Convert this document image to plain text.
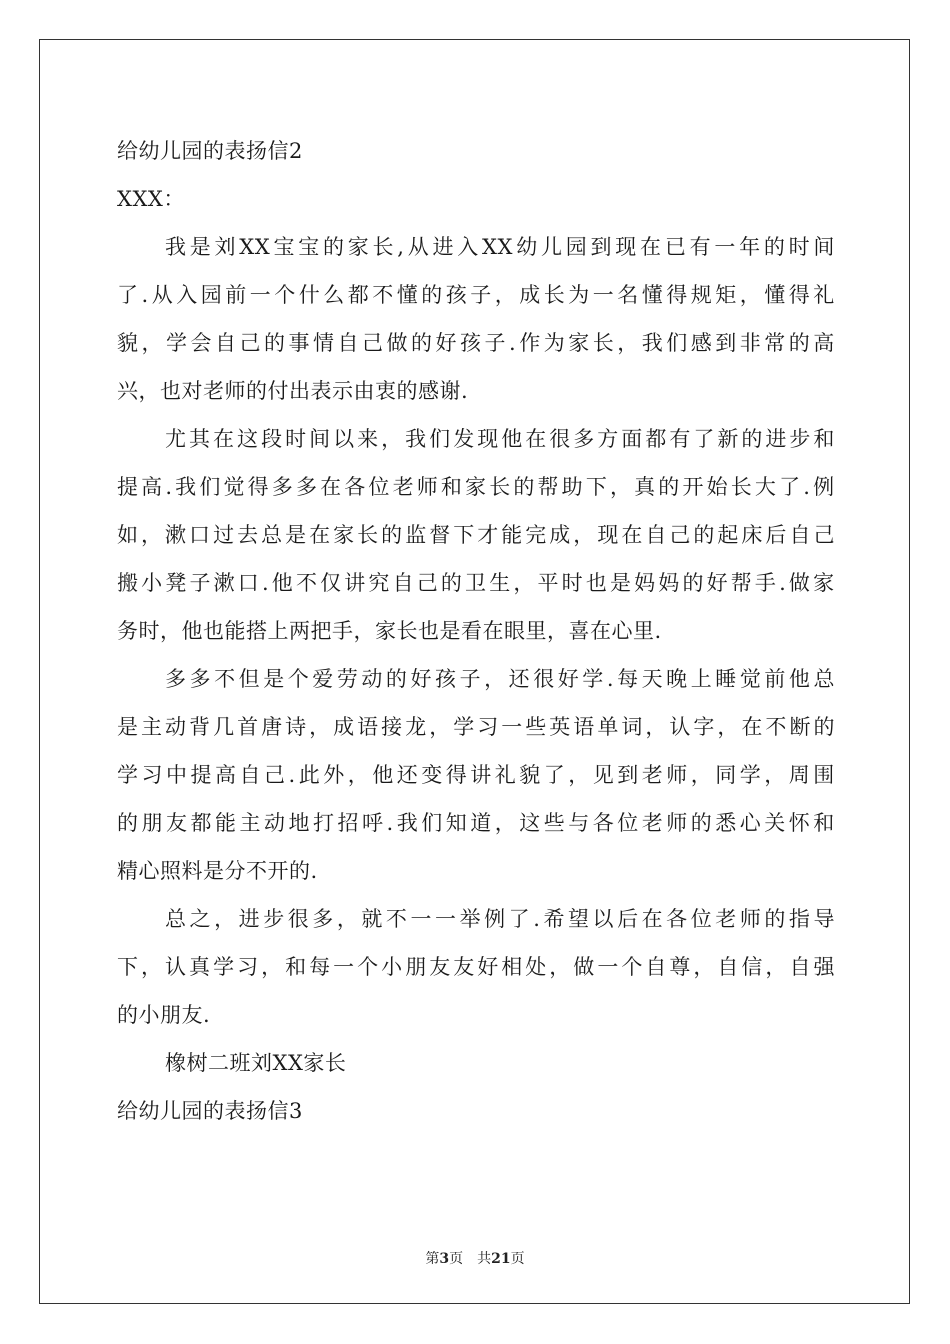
给幼儿园的表扬信2
XXX：
我 是 刘 XX 宝 宝 的 家 长 , 从 进 入 XX 幼 儿 园 到 现 在 已 有 一 年 的 时 间
了 . 从 入 园 前 一 个 什 么 都 不 懂 的 孩 子 ， 成 长 为 一 名 懂 得 规 矩 ， 懂 得 礼
貌 ， 学 会 自 己 的 事 情 自 己 做 的 好 孩 子 . 作 为 家 长 ， 我 们 感 到 非 常 的 高
兴，也对老师的付出表示由衷的感谢.
尤 其 在 这 段 时 间 以 来 ， 我 们 发 现 他 在 很 多 方 面 都 有 了 新 的 进 步 和
提 高 . 我 们 觉 得 多 多 在 各 位 老 师 和 家 长 的 帮 助 下 ， 真 的 开 始 长 大 了 . 例
如 ， 漱 口 过 去 总 是 在 家 长 的 监 督 下 才 能 完 成 ， 现 在 自 己 的 起 床 后 自 己
搬 小 凳 子 漱 口 . 他 不 仅 讲 究 自 己 的 卫 生 ， 平 时 也 是 妈 妈 的 好 帮 手 . 做 家
务时，他也能搭上两把手，家长也是看在眼里，喜在心里.
多 多 不 但 是 个 爱 劳 动 的 好 孩 子 ， 还 很 好 学 . 每 天 晚 上 睡 觉 前 他 总
是 主 动 背 几 首 唐 诗 ， 成 语 接 龙 ， 学 习 一 些 英 语 单 词 ， 认 字 ， 在 不 断 的
学 习 中 提 高 自 己 . 此 外 ， 他 还 变 得 讲 礼 貌 了 ， 见 到 老 师 ， 同 学 ， 周 围
的 朋 友 都 能 主 动 地 打 招 呼 . 我 们 知 道 ， 这 些 与 各 位 老 师 的 悉 心 关 怀 和
精心照料是分不开的.
总 之 ， 进 步 很 多 ， 就 不 一 一 举 例 了 . 希 望 以 后 在 各 位 老 师 的 指 导
下 ， 认 真 学 习 ， 和 每 一 个 小 朋 友 友 好 相 处 ， 做 一 个 自 尊 ， 自 信 ， 自 强
的小朋友.
橡树二班刘XX家长
给幼儿园的表扬信3
第3页　共21页
